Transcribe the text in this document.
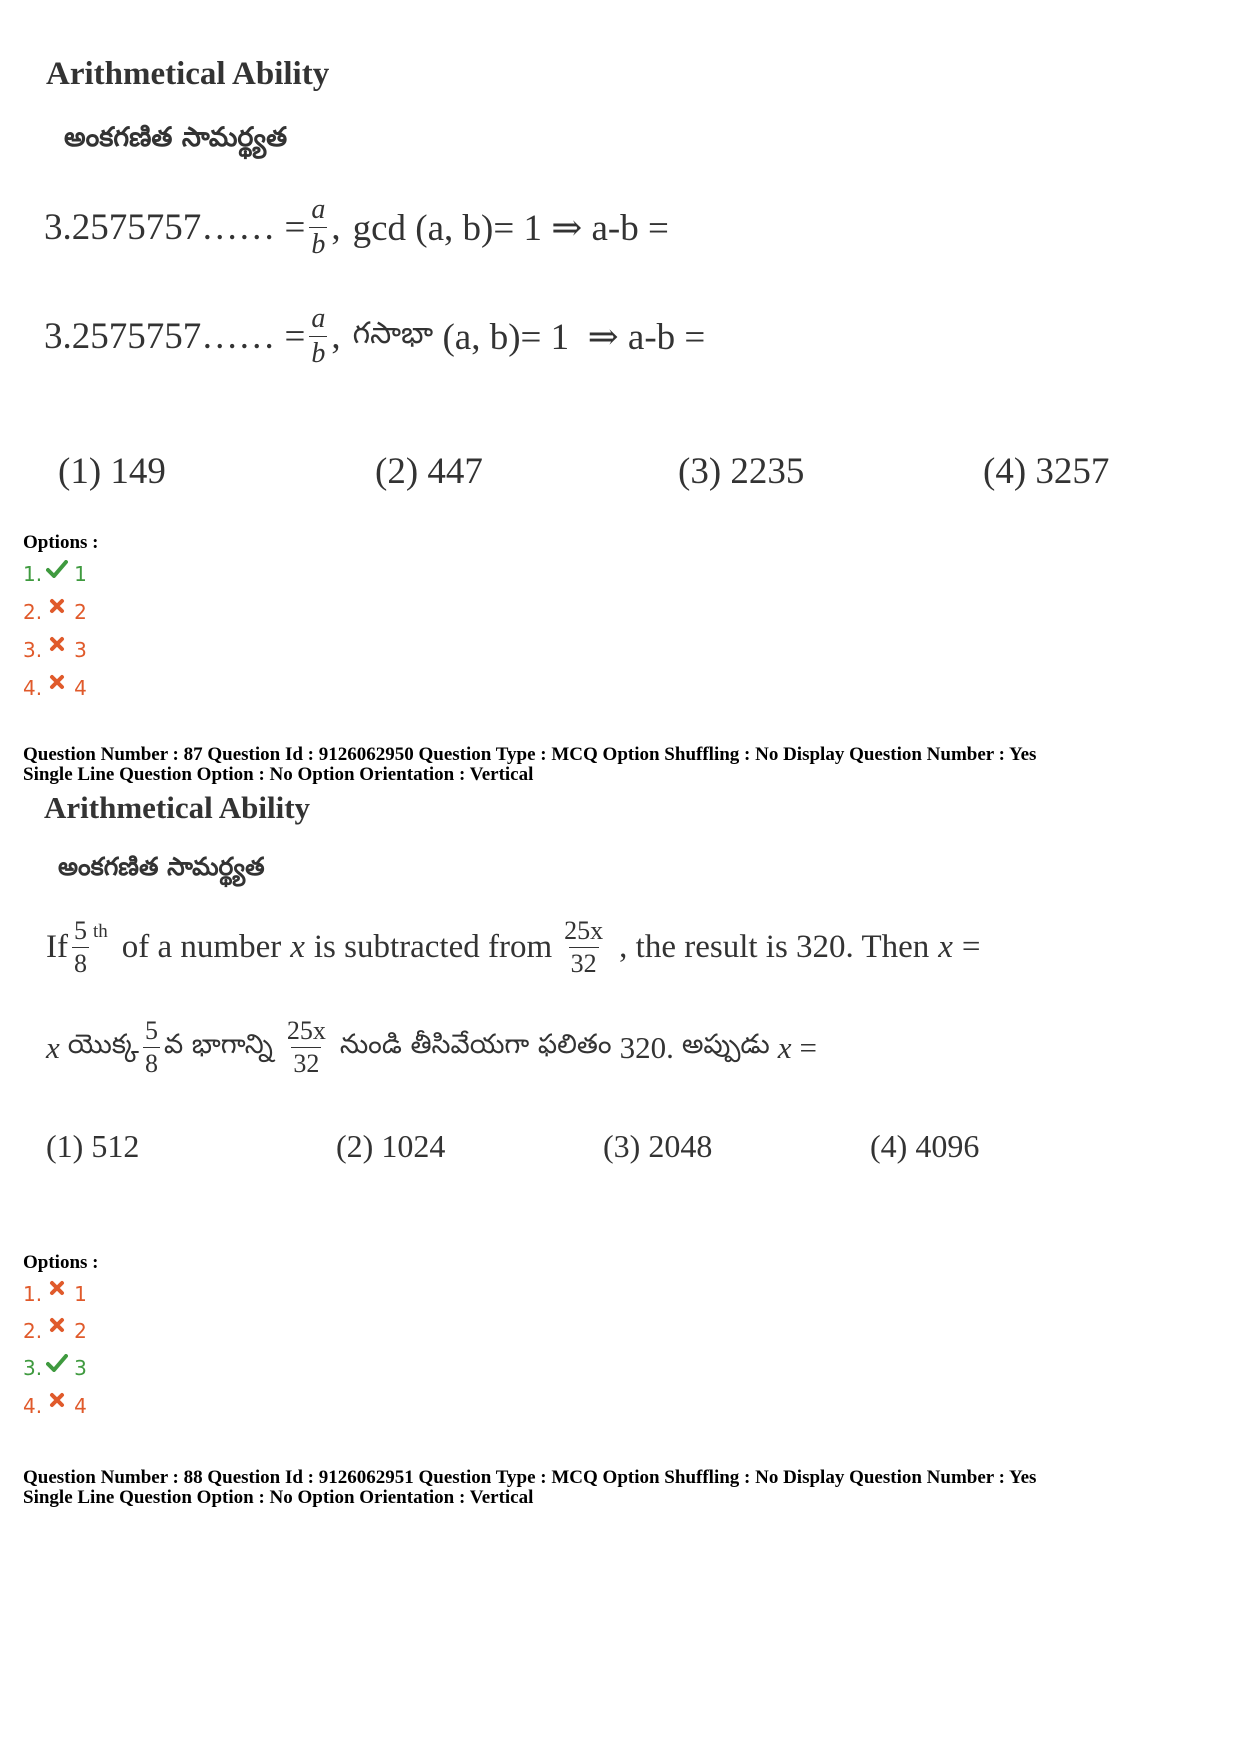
Arithmetical Ability
అంకగణిత సామర్థ్యత
3.2575757…… = $\frac{a}{b}$ , gcd (a, b)= 1 ⇒ a-b =
3.2575757…… = $\frac{a}{b}$ , గసాభా (a, b)= 1  ⇒ a-b =
(1) 149	(2) 447	(3) 2235	(4) 3257
Options :
1. 1
2. 2
3. 3
4. 4
Question Number : 87 Question Id : 9126062950 Question Type : MCQ Option Shuffling : No Display Question Number : Yes
Single Line Question Option : No Option Orientation : Vertical
Arithmetical Ability
అంకగణిత సామర్థ్యత
If $\frac{5}{8}$ th of a number x is subtracted from $\frac{25x}{32}$ , the result is 320. Then x =
x యొక్క $\frac{5}{8}$ వ భాగాన్ని $\frac{25x}{32}$ నుండి తీసివేయగా ఫలితం 320. అప్పుడు x =
(1) 512	(2) 1024	(3) 2048	(4) 4096
Options :
1. 1
2. 2
3. 3
4. 4
Question Number : 88 Question Id : 9126062951 Question Type : MCQ Option Shuffling : No Display Question Number : Yes
Single Line Question Option : No Option Orientation : Vertical
